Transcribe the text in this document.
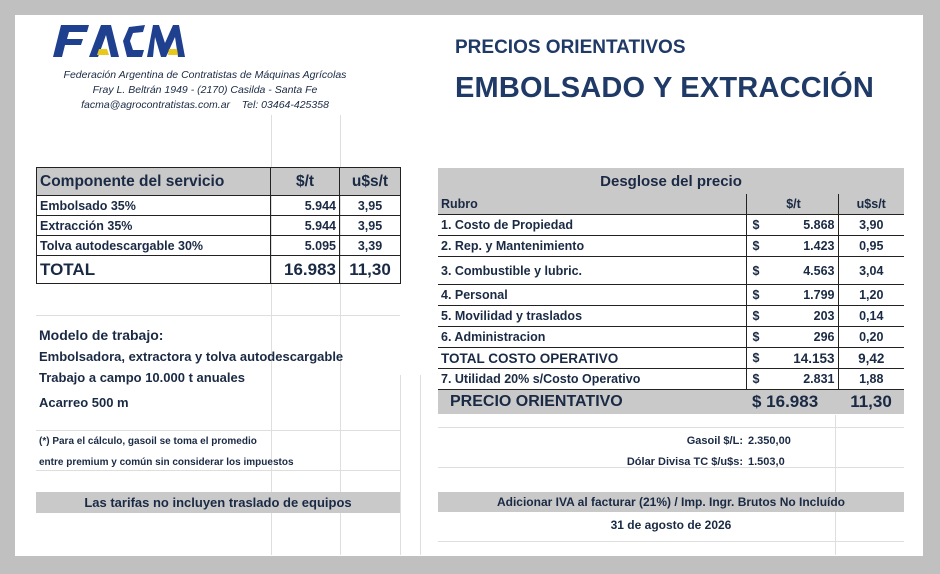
Federación Argentina de Contratistas de Máquinas Agrícolas
Fray L. Beltrán 1949 - (2170) Casilda - Santa Fe
facma@agrocontratistas.com.ar Tel: 03464-425358
PRECIOS ORIENTATIVOS
EMBOLSADO Y EXTRACCIÓN
Componente del servicio	$/t	u$s/t
Embolsado 35%	5.944	3,95
Extracción 35%	5.944	3,95
Tolva autodescargable 30%	5.095	3,39
TOTAL	16.983	11,30
Modelo de trabajo:
Embolsadora, extractora y tolva autodescargable
Trabajo a campo 10.000 t anuales
Acarreo 500 m
(*) Para el cálculo, gasoil se toma el promedio
entre premium y común sin considerar los impuestos
Desglose del precio			
Rubro	$/t		u$s/t
1. Costo de Propiedad	$	5.868	3,90
2. Rep. y Mantenimiento	$	1.423	0,95
3. Combustible y lubric.	$	4.563	3,04
4. Personal	$	1.799	1,20
5. Movilidad y traslados	$	203	0,14
6. Administracion	$	296	0,20
TOTAL COSTO OPERATIVO	$	14.153	9,42
7. Utilidad 20% s/Costo Operativo	$	2.831	1,88
PRECIO ORIENTATIVO	$ 16.983		11,30
Gasoil $/L: 2.350,00
Dólar Divisa TC $/u$s: 1.503,0
Las tarifas no incluyen traslado de equipos	Adicionar IVA al facturar (21%) / Imp. Ingr. Brutos No Incluído
31 de agosto de 2026
